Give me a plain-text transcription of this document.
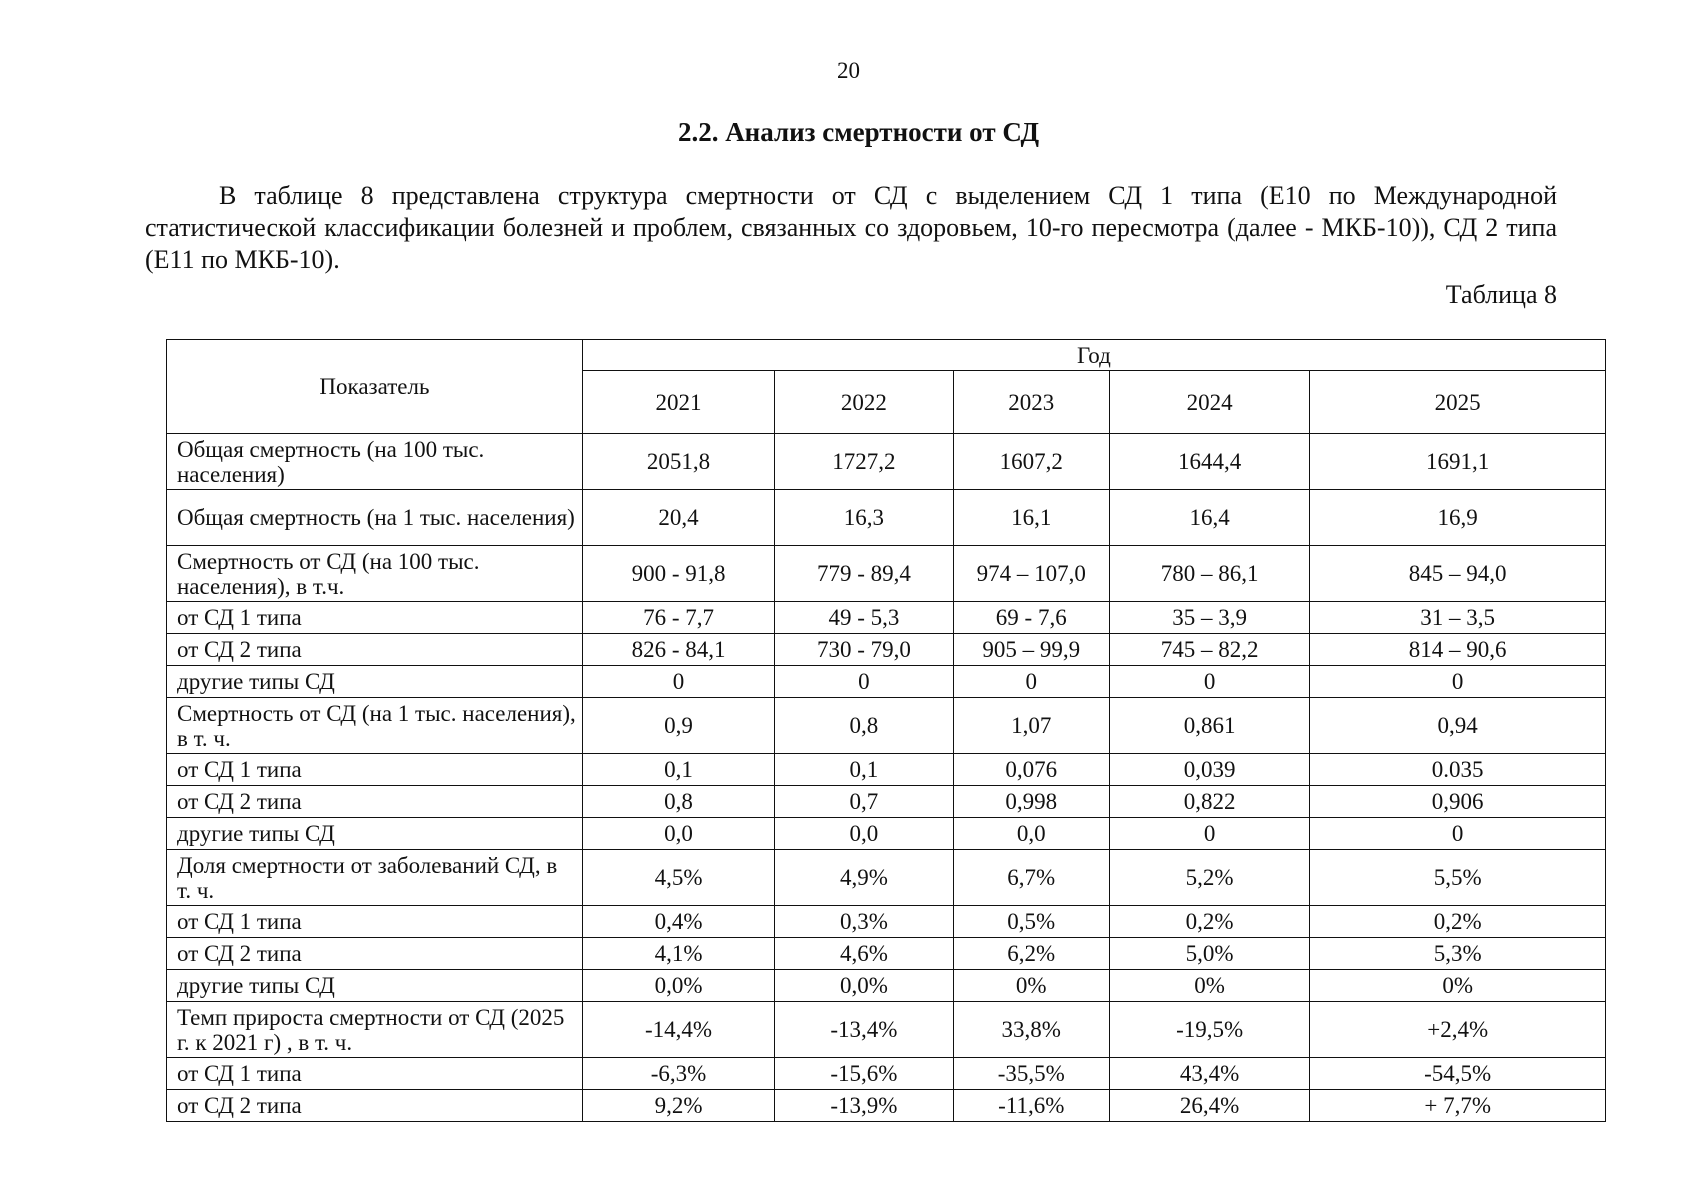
20
2.2. Анализ смертности от СД

В таблице 8 представлена структура смертности от СД с выделением СД 1 типа (Е10 по Международной статистической классификации болезней и проблем, связанных со здоровьем, 10-го пересмотра (далее - МКБ-10)), СД 2 типа (Е11 по МКБ-10).

Таблица 8
Показатель	Год				
	2021	2022	2023	2024	2025
Общая смертность (на 100 тыс. населения)	2051,8	1727,2	1607,2	1644,4	1691,1
Общая смертность (на 1 тыс. населения)	20,4	16,3	16,1	16,4	16,9
Смертность от СД (на 100 тыс. населения), в т.ч.	900 - 91,8	779 - 89,4	974 – 107,0	780 – 86,1	845 – 94,0
от СД 1 типа	76 - 7,7	49 - 5,3	69 - 7,6	35 – 3,9	31 – 3,5
от СД 2 типа	826 - 84,1	730 - 79,0	905 – 99,9	745 – 82,2	814 – 90,6
другие типы СД	0	0	0	0	0
Смертность от СД (на 1 тыс. населения), в т. ч.	0,9	0,8	1,07	0,861	0,94
от СД 1 типа	0,1	0,1	0,076	0,039	0.035
от СД 2 типа	0,8	0,7	0,998	0,822	0,906
другие типы СД	0,0	0,0	0,0	0	0
Доля смертности от заболеваний СД, в т. ч.	4,5%	4,9%	6,7%	5,2%	5,5%
от СД 1 типа	0,4%	0,3%	0,5%	0,2%	0,2%
от СД 2 типа	4,1%	4,6%	6,2%	5,0%	5,3%
другие типы СД	0,0%	0,0%	0%	0%	0%
Темп прироста смертности от СД (2025 г. к 2021 г) , в т. ч.	-14,4%	-13,4%	33,8%	-19,5%	+2,4%
от СД 1 типа	-6,3%	-15,6%	-35,5%	43,4%	-54,5%
от СД 2 типа	9,2%	-13,9%	-11,6%	26,4%	+ 7,7%
